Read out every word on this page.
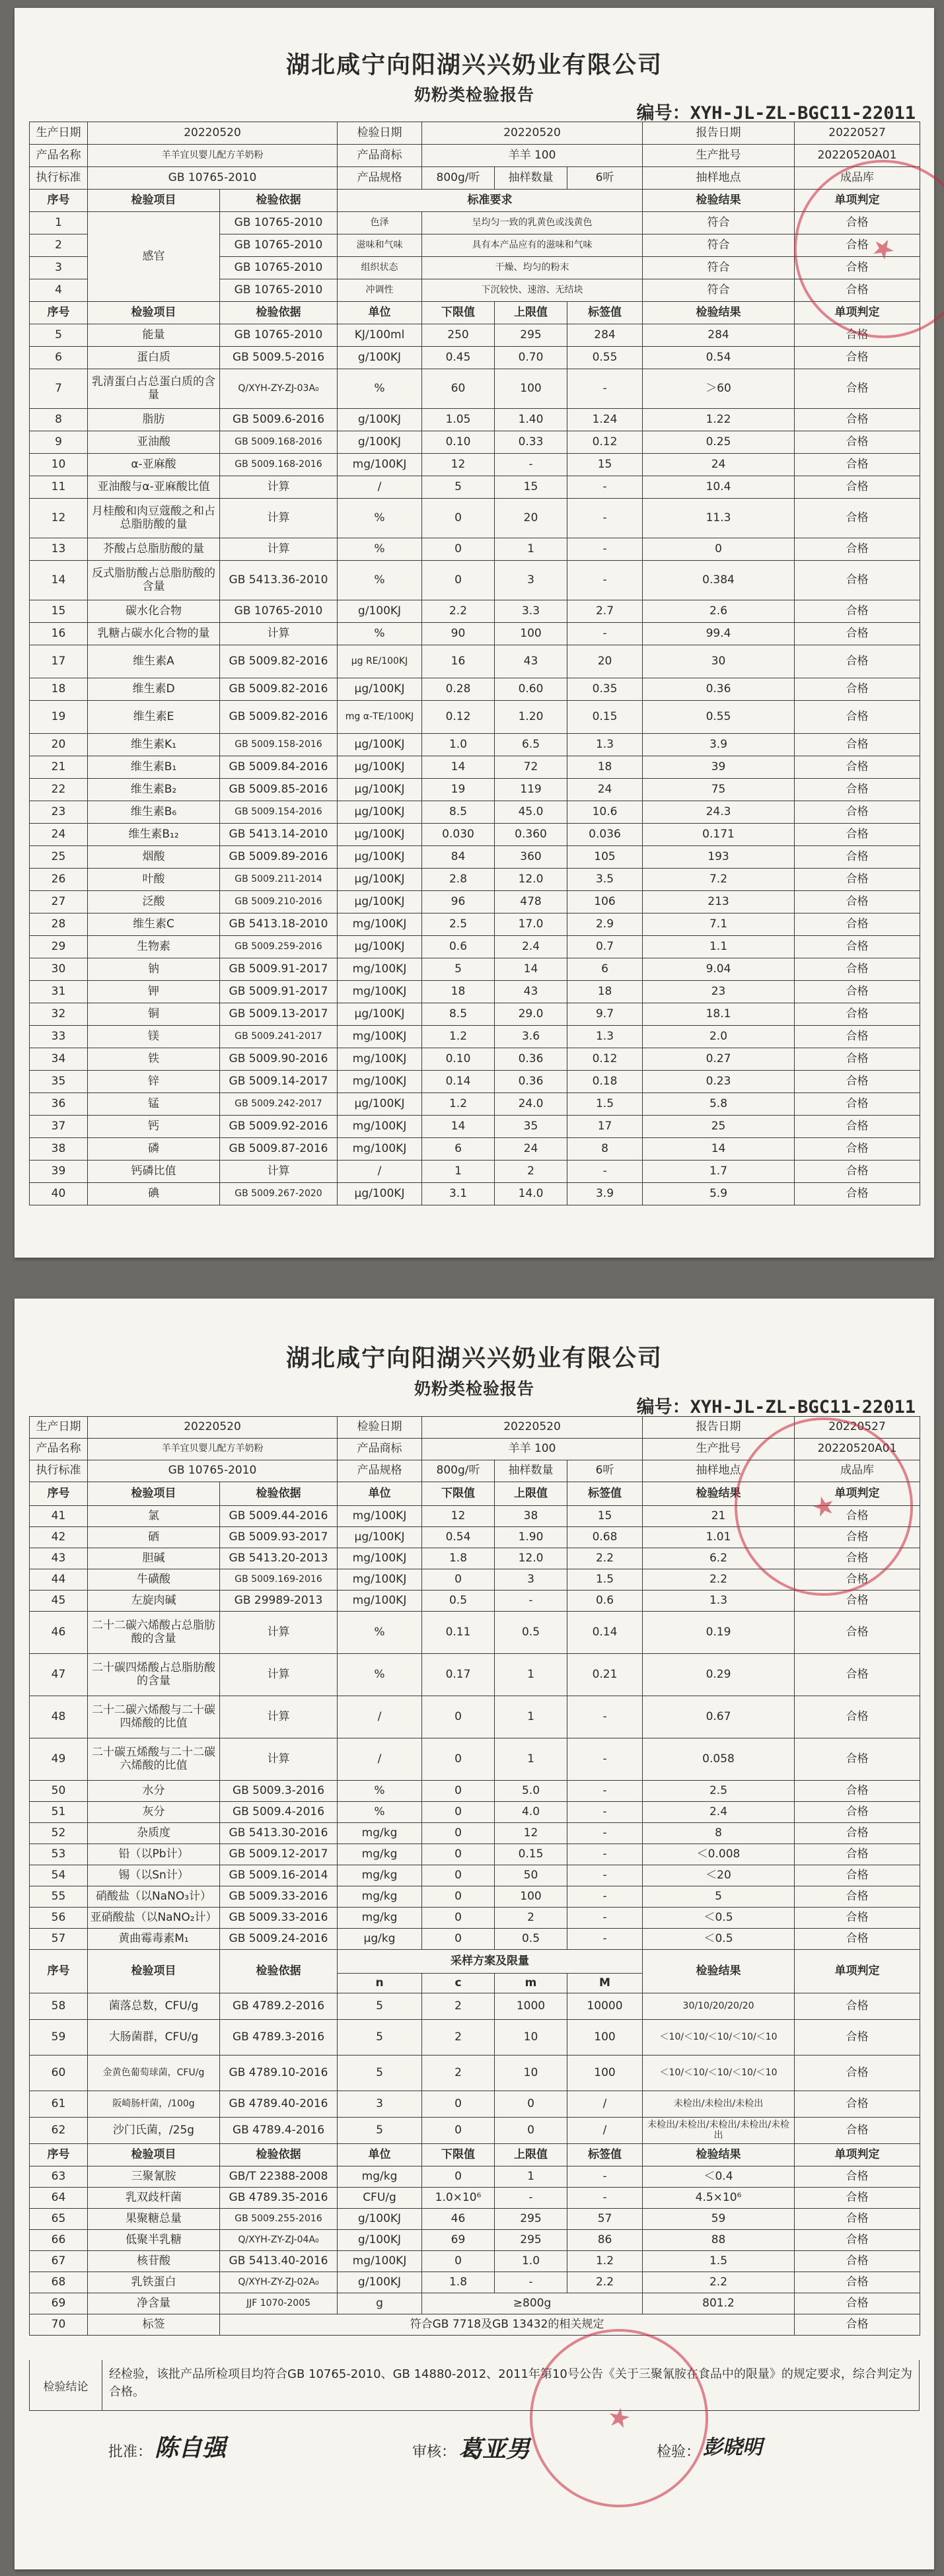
湖北咸宁向阳湖兴兴奶业有限公司
奶粉类检验报告
编号：XYH-JL-ZL-BGC11-22011
生产日期	20220520		检验日期	20220520			报告日期	20220527
产品名称	羊羊宜贝婴儿配方羊奶粉		产品商标	羊羊 100			生产批号	20220520A01
执行标准	GB 10765-2010		产品规格	800g/听	抽样数量	6听	抽样地点	成品库
序号	检验项目	检验依据	标准要求				检验结果	单项判定
1	感官	GB 10765-2010	色泽	呈均匀一致的乳黄色或浅黄色			符合	合格
2		GB 10765-2010	滋味和气味	具有本产品应有的滋味和气味			符合	合格
3		GB 10765-2010	组织状态	干燥、均匀的粉末			符合	合格
4		GB 10765-2010	冲调性	下沉较快、速溶、无结块			符合	合格
序号	检验项目	检验依据	单位	下限值	上限值	标签值	检验结果	单项判定
5	能量	GB 10765-2010	KJ/100ml	250	295	284	284	合格
6	蛋白质	GB 5009.5-2016	g/100KJ	0.45	0.70	0.55	0.54	合格
7	乳清蛋白占总蛋白质的含量	Q/XYH-ZY-ZJ-03A₀	%	60	100	-	＞60	合格
8	脂肪	GB 5009.6-2016	g/100KJ	1.05	1.40	1.24	1.22	合格
9	亚油酸	GB 5009.168-2016	g/100KJ	0.10	0.33	0.12	0.25	合格
10	α-亚麻酸	GB 5009.168-2016	mg/100KJ	12	-	15	24	合格
11	亚油酸与α-亚麻酸比值	计算	/	5	15	-	10.4	合格
12	月桂酸和肉豆蔻酸之和占总脂肪酸的量	计算	%	0	20	-	11.3	合格
13	芥酸占总脂肪酸的量	计算	%	0	1	-	0	合格
14	反式脂肪酸占总脂肪酸的含量	GB 5413.36-2010	%	0	3	-	0.384	合格
15	碳水化合物	GB 10765-2010	g/100KJ	2.2	3.3	2.7	2.6	合格
16	乳糖占碳水化合物的量	计算	%	90	100	-	99.4	合格
17	维生素A	GB 5009.82-2016	μg RE/100KJ	16	43	20	30	合格
18	维生素D	GB 5009.82-2016	μg/100KJ	0.28	0.60	0.35	0.36	合格
19	维生素E	GB 5009.82-2016	mg α-TE/100KJ	0.12	1.20	0.15	0.55	合格
20	维生素K₁	GB 5009.158-2016	μg/100KJ	1.0	6.5	1.3	3.9	合格
21	维生素B₁	GB 5009.84-2016	μg/100KJ	14	72	18	39	合格
22	维生素B₂	GB 5009.85-2016	μg/100KJ	19	119	24	75	合格
23	维生素B₆	GB 5009.154-2016	μg/100KJ	8.5	45.0	10.6	24.3	合格
24	维生素B₁₂	GB 5413.14-2010	μg/100KJ	0.030	0.360	0.036	0.171	合格
25	烟酸	GB 5009.89-2016	μg/100KJ	84	360	105	193	合格
26	叶酸	GB 5009.211-2014	μg/100KJ	2.8	12.0	3.5	7.2	合格
27	泛酸	GB 5009.210-2016	μg/100KJ	96	478	106	213	合格
28	维生素C	GB 5413.18-2010	mg/100KJ	2.5	17.0	2.9	7.1	合格
29	生物素	GB 5009.259-2016	μg/100KJ	0.6	2.4	0.7	1.1	合格
30	钠	GB 5009.91-2017	mg/100KJ	5	14	6	9.04	合格
31	钾	GB 5009.91-2017	mg/100KJ	18	43	18	23	合格
32	铜	GB 5009.13-2017	μg/100KJ	8.5	29.0	9.7	18.1	合格
33	镁	GB 5009.241-2017	mg/100KJ	1.2	3.6	1.3	2.0	合格
34	铁	GB 5009.90-2016	mg/100KJ	0.10	0.36	0.12	0.27	合格
35	锌	GB 5009.14-2017	mg/100KJ	0.14	0.36	0.18	0.23	合格
36	锰	GB 5009.242-2017	μg/100KJ	1.2	24.0	1.5	5.8	合格
37	钙	GB 5009.92-2016	mg/100KJ	14	35	17	25	合格
38	磷	GB 5009.87-2016	mg/100KJ	6	24	8	14	合格
39	钙磷比值	计算	/	1	2	-	1.7	合格
40	碘	GB 5009.267-2020	μg/100KJ	3.1	14.0	3.9	5.9	合格
★
湖北咸宁向阳湖兴兴奶业有限公司
奶粉类检验报告
编号：XYH-JL-ZL-BGC11-22011
生产日期	20220520		检验日期	20220520			报告日期	20220527
产品名称	羊羊宜贝婴儿配方羊奶粉		产品商标	羊羊 100			生产批号	20220520A01
执行标准	GB 10765-2010		产品规格	800g/听	抽样数量	6听	抽样地点	成品库
序号	检验项目	检验依据	单位	下限值	上限值	标签值	检验结果	单项判定
41	氯	GB 5009.44-2016	mg/100KJ	12	38	15	21	合格
42	硒	GB 5009.93-2017	μg/100KJ	0.54	1.90	0.68	1.01	合格
43	胆碱	GB 5413.20-2013	mg/100KJ	1.8	12.0	2.2	6.2	合格
44	牛磺酸	GB 5009.169-2016	mg/100KJ	0	3	1.5	2.2	合格
45	左旋肉碱	GB 29989-2013	mg/100KJ	0.5	-	0.6	1.3	合格
46	二十二碳六烯酸占总脂肪酸的含量	计算	%	0.11	0.5	0.14	0.19	合格
47	二十碳四烯酸占总脂肪酸的含量	计算	%	0.17	1	0.21	0.29	合格
48	二十二碳六烯酸与二十碳四烯酸的比值	计算	/	0	1	-	0.67	合格
49	二十碳五烯酸与二十二碳六烯酸的比值	计算	/	0	1	-	0.058	合格
50	水分	GB 5009.3-2016	%	0	5.0	-	2.5	合格
51	灰分	GB 5009.4-2016	%	0	4.0	-	2.4	合格
52	杂质度	GB 5413.30-2016	mg/kg	0	12	-	8	合格
53	铅（以Pb计）	GB 5009.12-2017	mg/kg	0	0.15	-	＜0.008	合格
54	锡（以Sn计）	GB 5009.16-2014	mg/kg	0	50	-	＜20	合格
55	硝酸盐（以NaNO₃计）	GB 5009.33-2016	mg/kg	0	100	-	5	合格
56	亚硝酸盐（以NaNO₂计）	GB 5009.33-2016	mg/kg	0	2	-	＜0.5	合格
57	黄曲霉毒素M₁	GB 5009.24-2016	μg/kg	0	0.5	-	＜0.5	合格
序号	检验项目	检验依据	采样方案及限量				检验结果	单项判定
			n	c	m	M		
58	菌落总数，CFU/g	GB 4789.2-2016	5	2	1000	10000	30/10/20/20/20	合格
59	大肠菌群，CFU/g	GB 4789.3-2016	5	2	10	100	＜10/＜10/＜10/＜10/＜10	合格
60	金黄色葡萄球菌，CFU/g	GB 4789.10-2016	5	2	10	100	＜10/＜10/＜10/＜10/＜10	合格
61	阪崎肠杆菌，/100g	GB 4789.40-2016	3	0	0	/	未检出/未检出/未检出	合格
62	沙门氏菌，/25g	GB 4789.4-2016	5	0	0	/	未检出/未检出/未检出/未检出/未检出	合格
序号	检验项目	检验依据	单位	下限值	上限值	标签值	检验结果	单项判定
63	三聚氰胺	GB/T 22388-2008	mg/kg	0	1	-	＜0.4	合格
64	乳双歧杆菌	GB 4789.35-2016	CFU/g	1.0×10⁶	-	-	4.5×10⁶	合格
65	果聚糖总量	GB 5009.255-2016	g/100KJ	46	295	57	59	合格
66	低聚半乳糖	Q/XYH-ZY-ZJ-04A₀	g/100KJ	69	295	86	88	合格
67	核苷酸	GB 5413.40-2016	mg/100KJ	0	1.0	1.2	1.5	合格
68	乳铁蛋白	Q/XYH-ZY-ZJ-02A₀	g/100KJ	1.8	-	2.2	2.2	合格
69	净含量	JJF 1070-2005	g	≥800g			801.2	合格
70	标签	符合GB 7718及GB 13432的相关规定						合格
检验结论
经检验，该批产品所检项目均符合GB 10765-2010、GB 14880-2012、2011年第10号公告《关于三聚氰胺在食品中的限量》的规定要求，综合判定为合格。
批准： 陈自强	审核： 葛亚男	检验： 彭晓明
★
★
